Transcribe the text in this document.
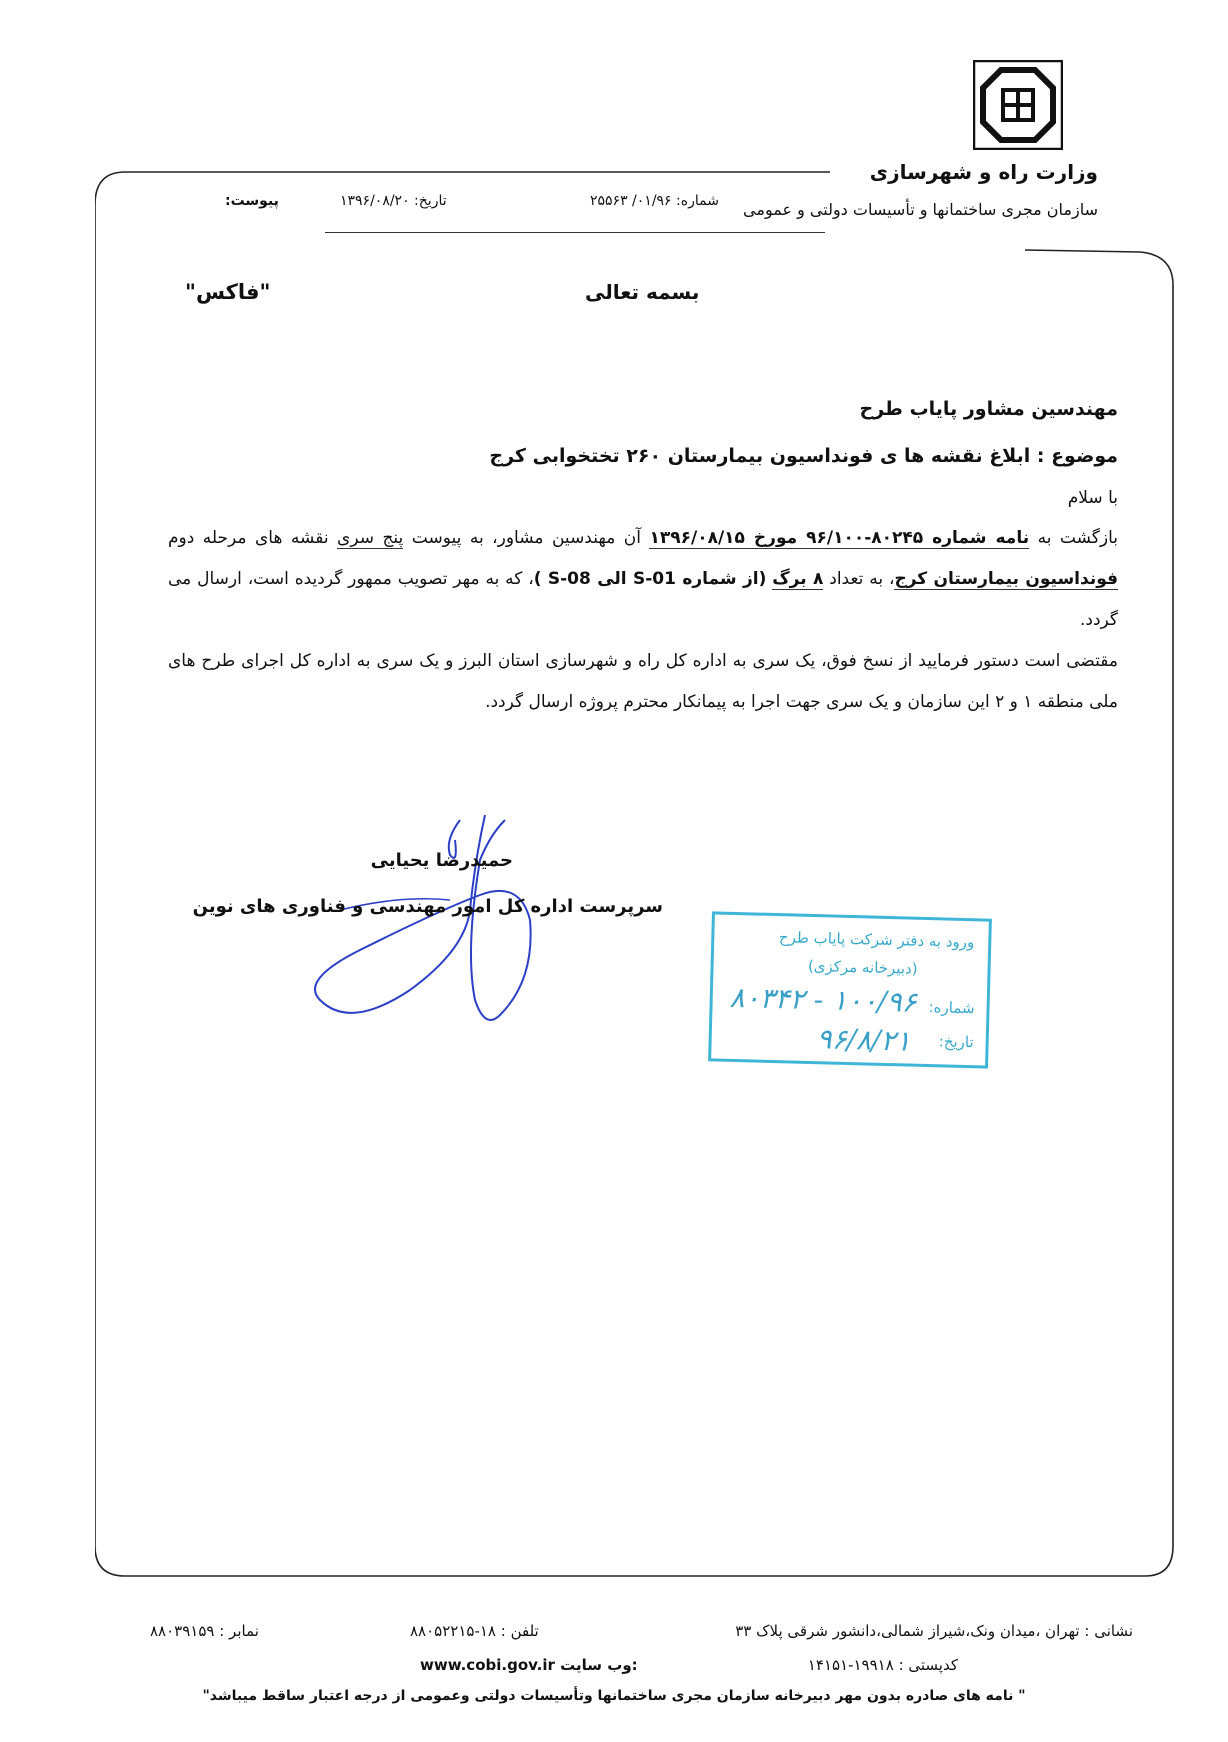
وزارت راه و شهرسازی
سازمان مجری ساختمانها و تأسیسات دولتی و عمومی
شماره: ۰۱/۹۶/ ۲۵۵۶۳
تاریخ: ۱۳۹۶/۰۸/۲۰
پیوست:
بسمه تعالی
"فاکس"
مهندسین مشاور پایاب طرح
موضوع : ابلاغ نقشه ها ی فونداسیون بیمارستان ۲۶۰ تختخوابی کرج
با سلام
بازگشت به نامه شماره ۸۰۲۴۵-۹۶/۱۰۰ مورخ ۱۳۹۶/۰۸/۱۵ آن مهندسین مشاور، به پیوست پنج سری نقشه های مرحله دوم فونداسیون بیمارستان کرج، به تعداد ۸ برگ (از شماره S-01 الی S-08 )، که به مهر تصویب ممهور گردیده است، ارسال می گردد.
مقتضی است دستور فرمایید از نسخ فوق، یک سری به اداره کل راه و شهرسازی استان البرز و یک سری به اداره کل اجرای طرح های ملی منطقه ۱ و ۲ این سازمان و یک سری جهت اجرا به پیمانکار محترم پروژه ارسال گردد.
حمیدرضا یحیایی
سرپرست اداره کل امور مهندسی و فناوری های نوین
ورود به دفتر شرکت پایاب طرح
(دبیرخانه مرکزی)
شماره:
۱۰۰/۹۶ - ۸۰۳۴۲
تاریخ:
۹۶/۸/۲۱
نشانی : تهران ،میدان ونک،شیراز شمالی،دانشور شرقی پلاک ۳۳
تلفن : ۱۸-۸۸۰۵۲۲۱۵
نمابر : ۸۸۰۳۹۱۵۹
کدپستی : ۱۹۹۱۸-۱۴۱۵۱
www.cobi.gov.ir وب سایت:
" نامه های صادره بدون مهر دبیرخانه سازمان مجری ساختمانها وتأسیسات دولتی وعمومی از درجه اعتبار ساقط میباشد"
